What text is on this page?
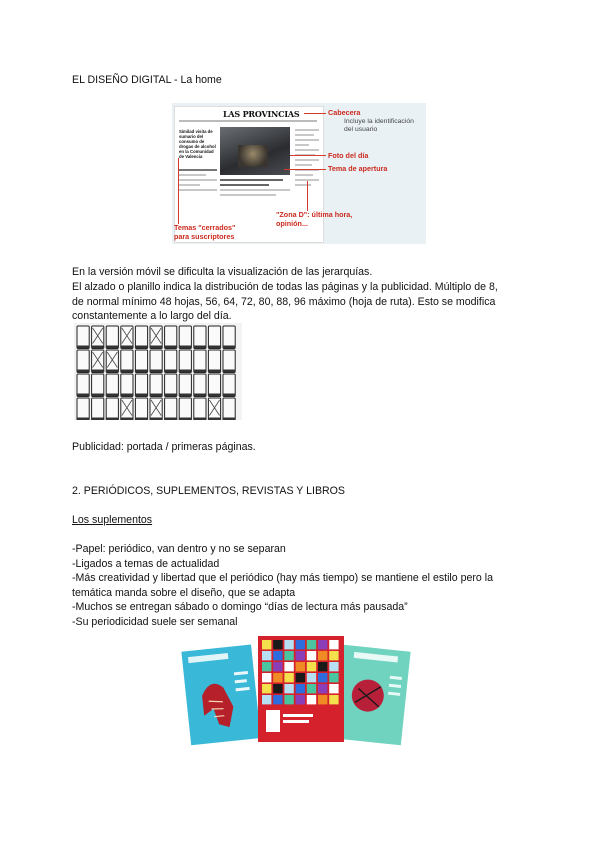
EL DISEÑO DIGITAL - La home
LAS PROVINCIAS
Similad visita de sumario del consumo de drogas de alcohol en la Comunidad de Valencia
Cabecera
Incluye la identificación del usuario
Foto del día
Tema de apertura
"Zona D": última hora,
opinión...
Temas "cerrados"
para suscriptores
En la versión móvil se dificulta la visualización de las jerarquías.
El alzado o planillo indica la distribución de todas las páginas y la publicidad. Múltiplo de 8,
de normal mínimo 48 hojas, 56, 64, 72, 80, 88, 96 máximo (hoja de ruta). Esto se modifica
constantemente a lo largo del día.
Publicidad: portada / primeras páginas.
2. PERIÓDICOS, SUPLEMENTOS, REVISTAS Y LIBROS
Los suplementos
-Papel: periódico, van dentro y no se separan
-Ligados a temas de actualidad
-Más creatividad y libertad que el periódico (hay más tiempo) se mantiene el estilo pero la
temática manda sobre el diseño, que se adapta
-Muchos se entregan sábado o domingo “días de lectura más pausada”
-Su periodicidad suele ser semanal
